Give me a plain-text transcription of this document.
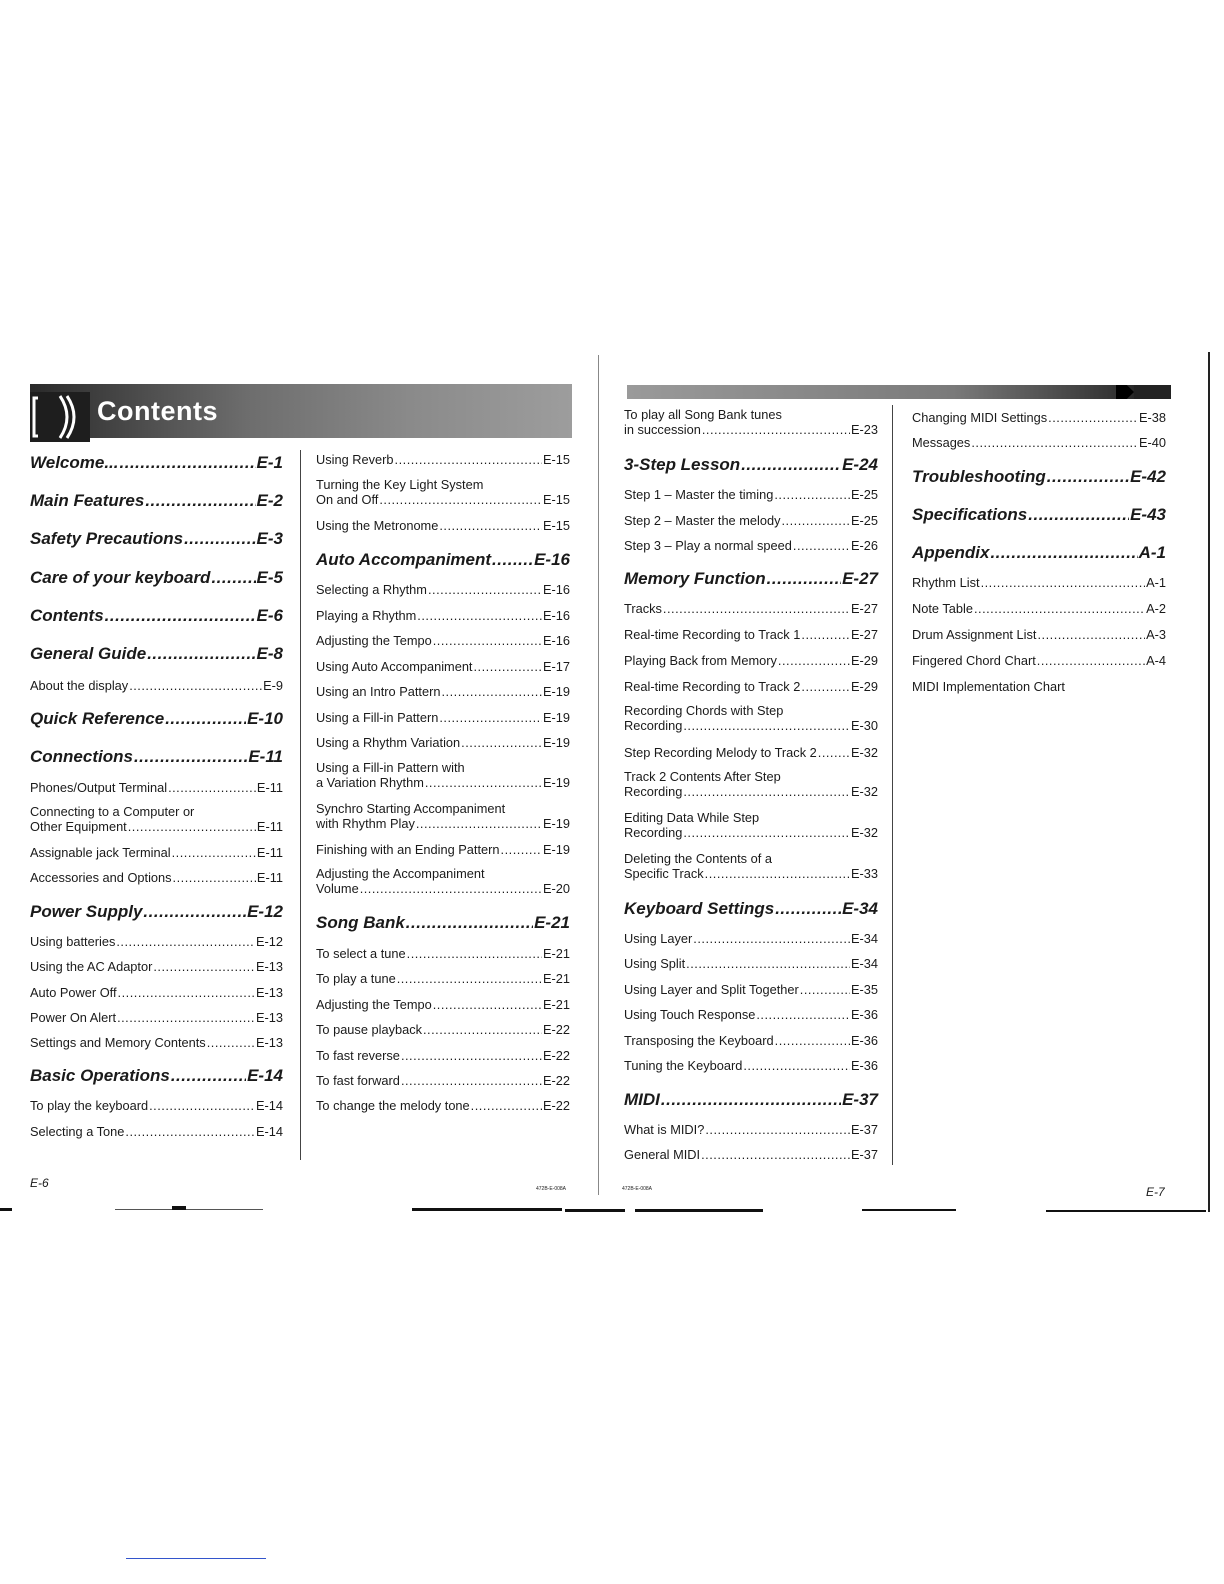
Contents
Welcome... .....	E-1
Main Features .....	E-2
Safety Precautions .....	E-3
Care of your keyboard .....	E-5
Contents .....	E-6
General Guide .....	E-8
About the display .....	E-9
Quick Reference .....	E-10
Connections .....	E-11
Phones/Output Terminal .....	E-11
Connecting to a Computer or
Other Equipment .....	E-11
Assignable jack Terminal .....	E-11
Accessories and Options .....	E-11
Power Supply .....	E-12
Using batteries .....	E-12
Using the AC Adaptor .....	E-13
Auto Power Off .....	E-13
Power On Alert .....	E-13
Settings and Memory Contents .....	E-13
Basic Operations .....	E-14
To play the keyboard .....	E-14
Selecting a Tone .....	E-14
Using Reverb .....	E-15
Turning the Key Light System
On and Off .....	E-15
Using the Metronome .....	E-15
Auto Accompaniment .....	E-16
Selecting a Rhythm .....	E-16
Playing a Rhythm .....	E-16
Adjusting the Tempo .....	E-16
Using Auto Accompaniment .....	E-17
Using an Intro Pattern .....	E-19
Using a Fill-in Pattern .....	E-19
Using a Rhythm Variation .....	E-19
Using a Fill-in Pattern with
a Variation Rhythm .....	E-19
Synchro Starting Accompaniment
with Rhythm Play .....	E-19
Finishing with an Ending Pattern .....	E-19
Adjusting the Accompaniment
Volume .....	E-20
Song Bank .....	E-21
To select a tune .....	E-21
To play a tune .....	E-21
Adjusting the Tempo .....	E-21
To pause playback .....	E-22
To fast reverse .....	E-22
To fast forward .....	E-22
To change the melody tone .....	E-22
To play all Song Bank tunes
in succession .....	E-23
3-Step Lesson .....	E-24
Step 1 – Master the timing .....	E-25
Step 2 – Master the melody .....	E-25
Step 3 – Play a normal speed .....	E-26
Memory Function .....	E-27
Tracks .....	E-27
Real-time Recording to Track 1 .....	E-27
Playing Back from Memory .....	E-29
Real-time Recording to Track 2 .....	E-29
Recording Chords with Step
Recording .....	E-30
Step Recording Melody to Track 2 .....	E-32
Track 2 Contents After Step
Recording .....	E-32
Editing Data While Step
Recording .....	E-32
Deleting the Contents of a
Specific Track .....	E-33
Keyboard Settings .....	E-34
Using Layer .....	E-34
Using Split .....	E-34
Using Layer and Split Together .....	E-35
Using Touch Response .....	E-36
Transposing the Keyboard .....	E-36
Tuning the Keyboard .....	E-36
MIDI .....	E-37
What is MIDI? .....	E-37
General MIDI .....	E-37
Changing MIDI Settings .....	E-38
Messages .....	E-40
Troubleshooting .....	E-42
Specifications .....	E-43
Appendix .....	A-1
Rhythm List .....	A-1
Note Table .....	A-2
Drum Assignment List .....	A-3
Fingered Chord Chart .....	A-4
MIDI Implementation Chart
E-6
E-7
472B-E-008A	472B-E-008A
